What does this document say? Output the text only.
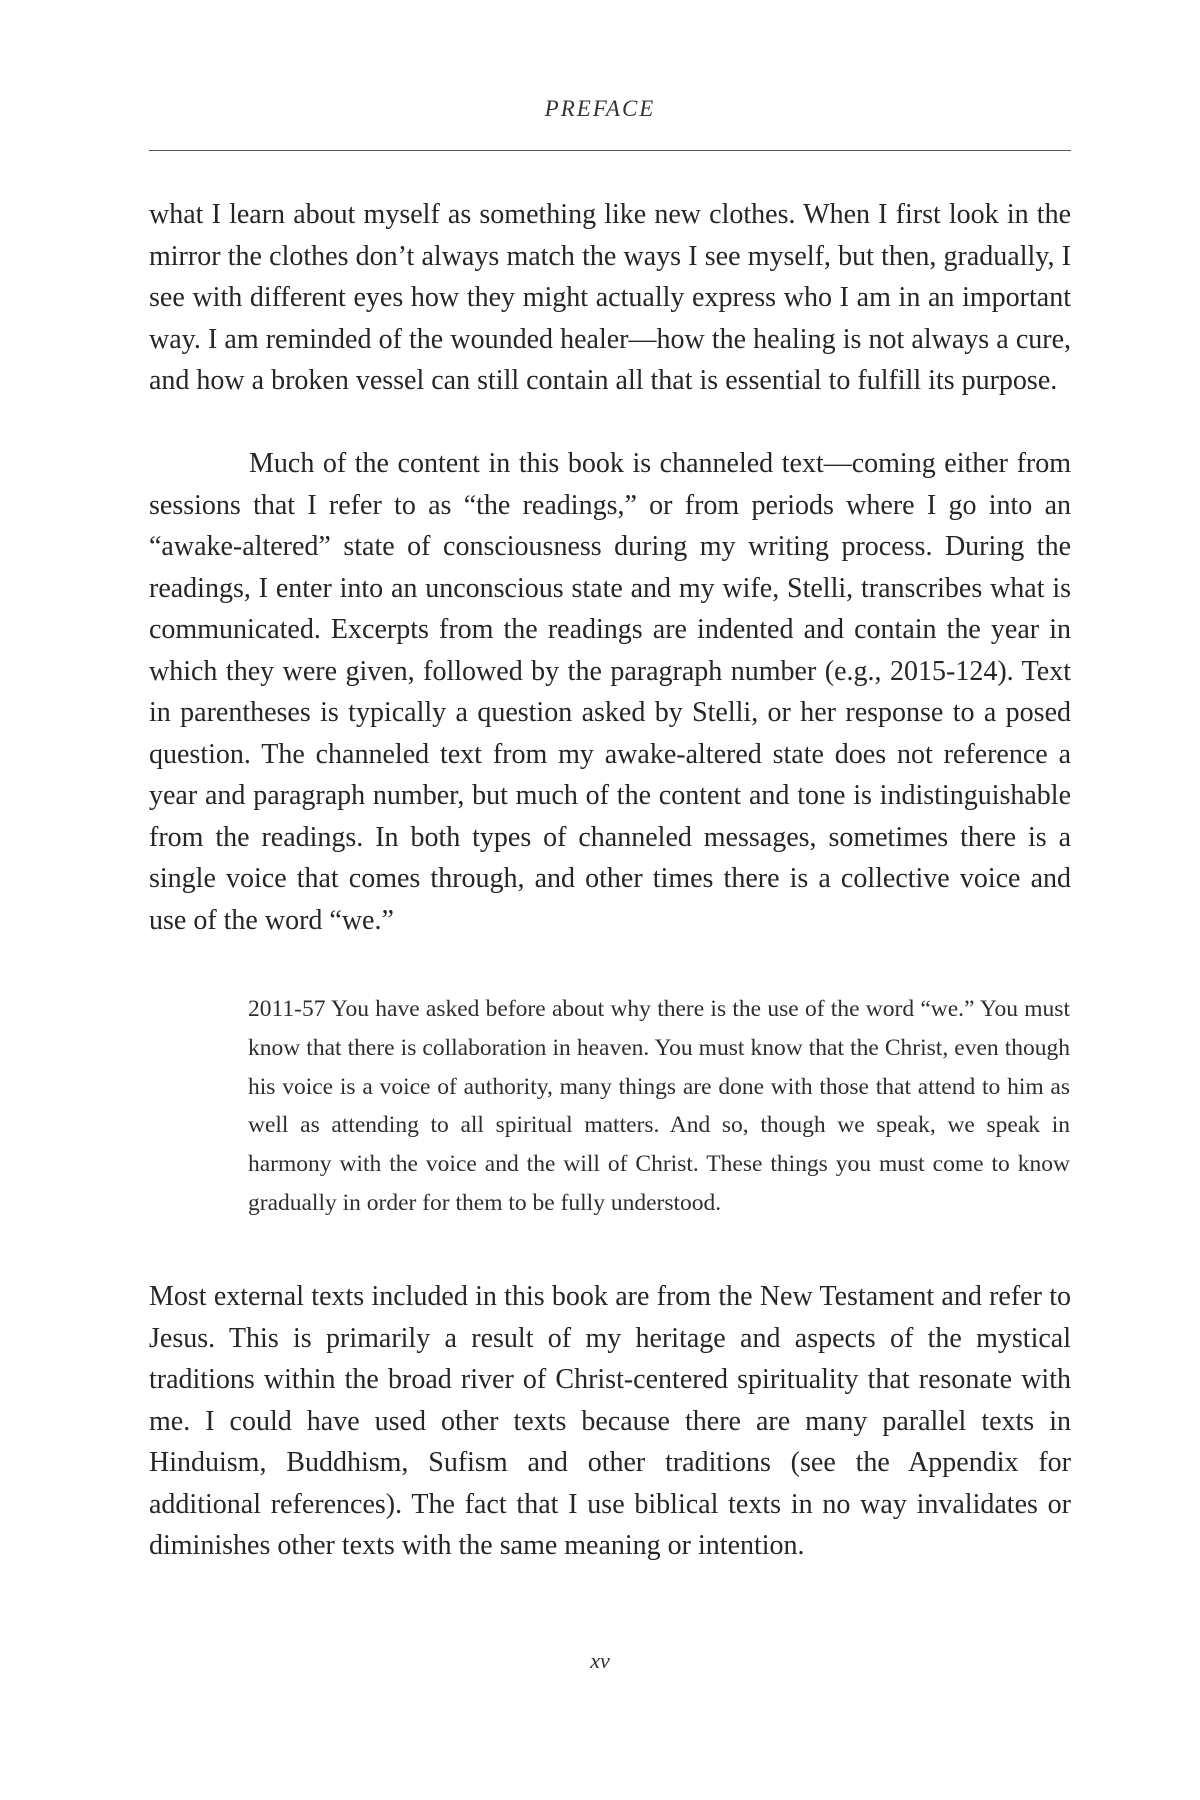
PREFACE

what I learn about myself as something like new clothes. When I first look in the mirror the clothes don’t always match the ways I see myself, but then, gradually, I see with different eyes how they might actually express who I am in an important way. I am reminded of the wounded healer—how the healing is not always a cure, and how a broken vessel can still contain all that is essential to fulfill its purpose.

Much of the content in this book is channeled text—coming either from sessions that I refer to as “the readings,” or from periods where I go into an “awake-altered” state of consciousness during my writing process. During the readings, I enter into an unconscious state and my wife, Stelli, transcribes what is communicated. Excerpts from the readings are indented and contain the year in which they were given, followed by the paragraph number (e.g., 2015-124). Text in parentheses is typically a question asked by Stelli, or her response to a posed question. The channeled text from my awake-altered state does not reference a year and paragraph number, but much of the content and tone is indistinguishable from the readings. In both types of channeled messages, sometimes there is a single voice that comes through, and other times there is a collective voice and use of the word “we.”

2011-57 You have asked before about why there is the use of the word “we.” You must know that there is collaboration in heaven. You must know that the Christ, even though his voice is a voice of authority, many things are done with those that attend to him as well as attending to all spiritual matters. And so, though we speak, we speak in harmony with the voice and the will of Christ. These things you must come to know gradually in order for them to be fully understood.

Most external texts included in this book are from the New Testament and refer to Jesus. This is primarily a result of my heritage and aspects of the mystical traditions within the broad river of Christ-centered spirituality that resonate with me. I could have used other texts because there are many parallel texts in Hinduism, Buddhism, Sufism and other traditions (see the Appendix for additional references). The fact that I use biblical texts in no way invalidates or diminishes other texts with the same meaning or intention.

xv
